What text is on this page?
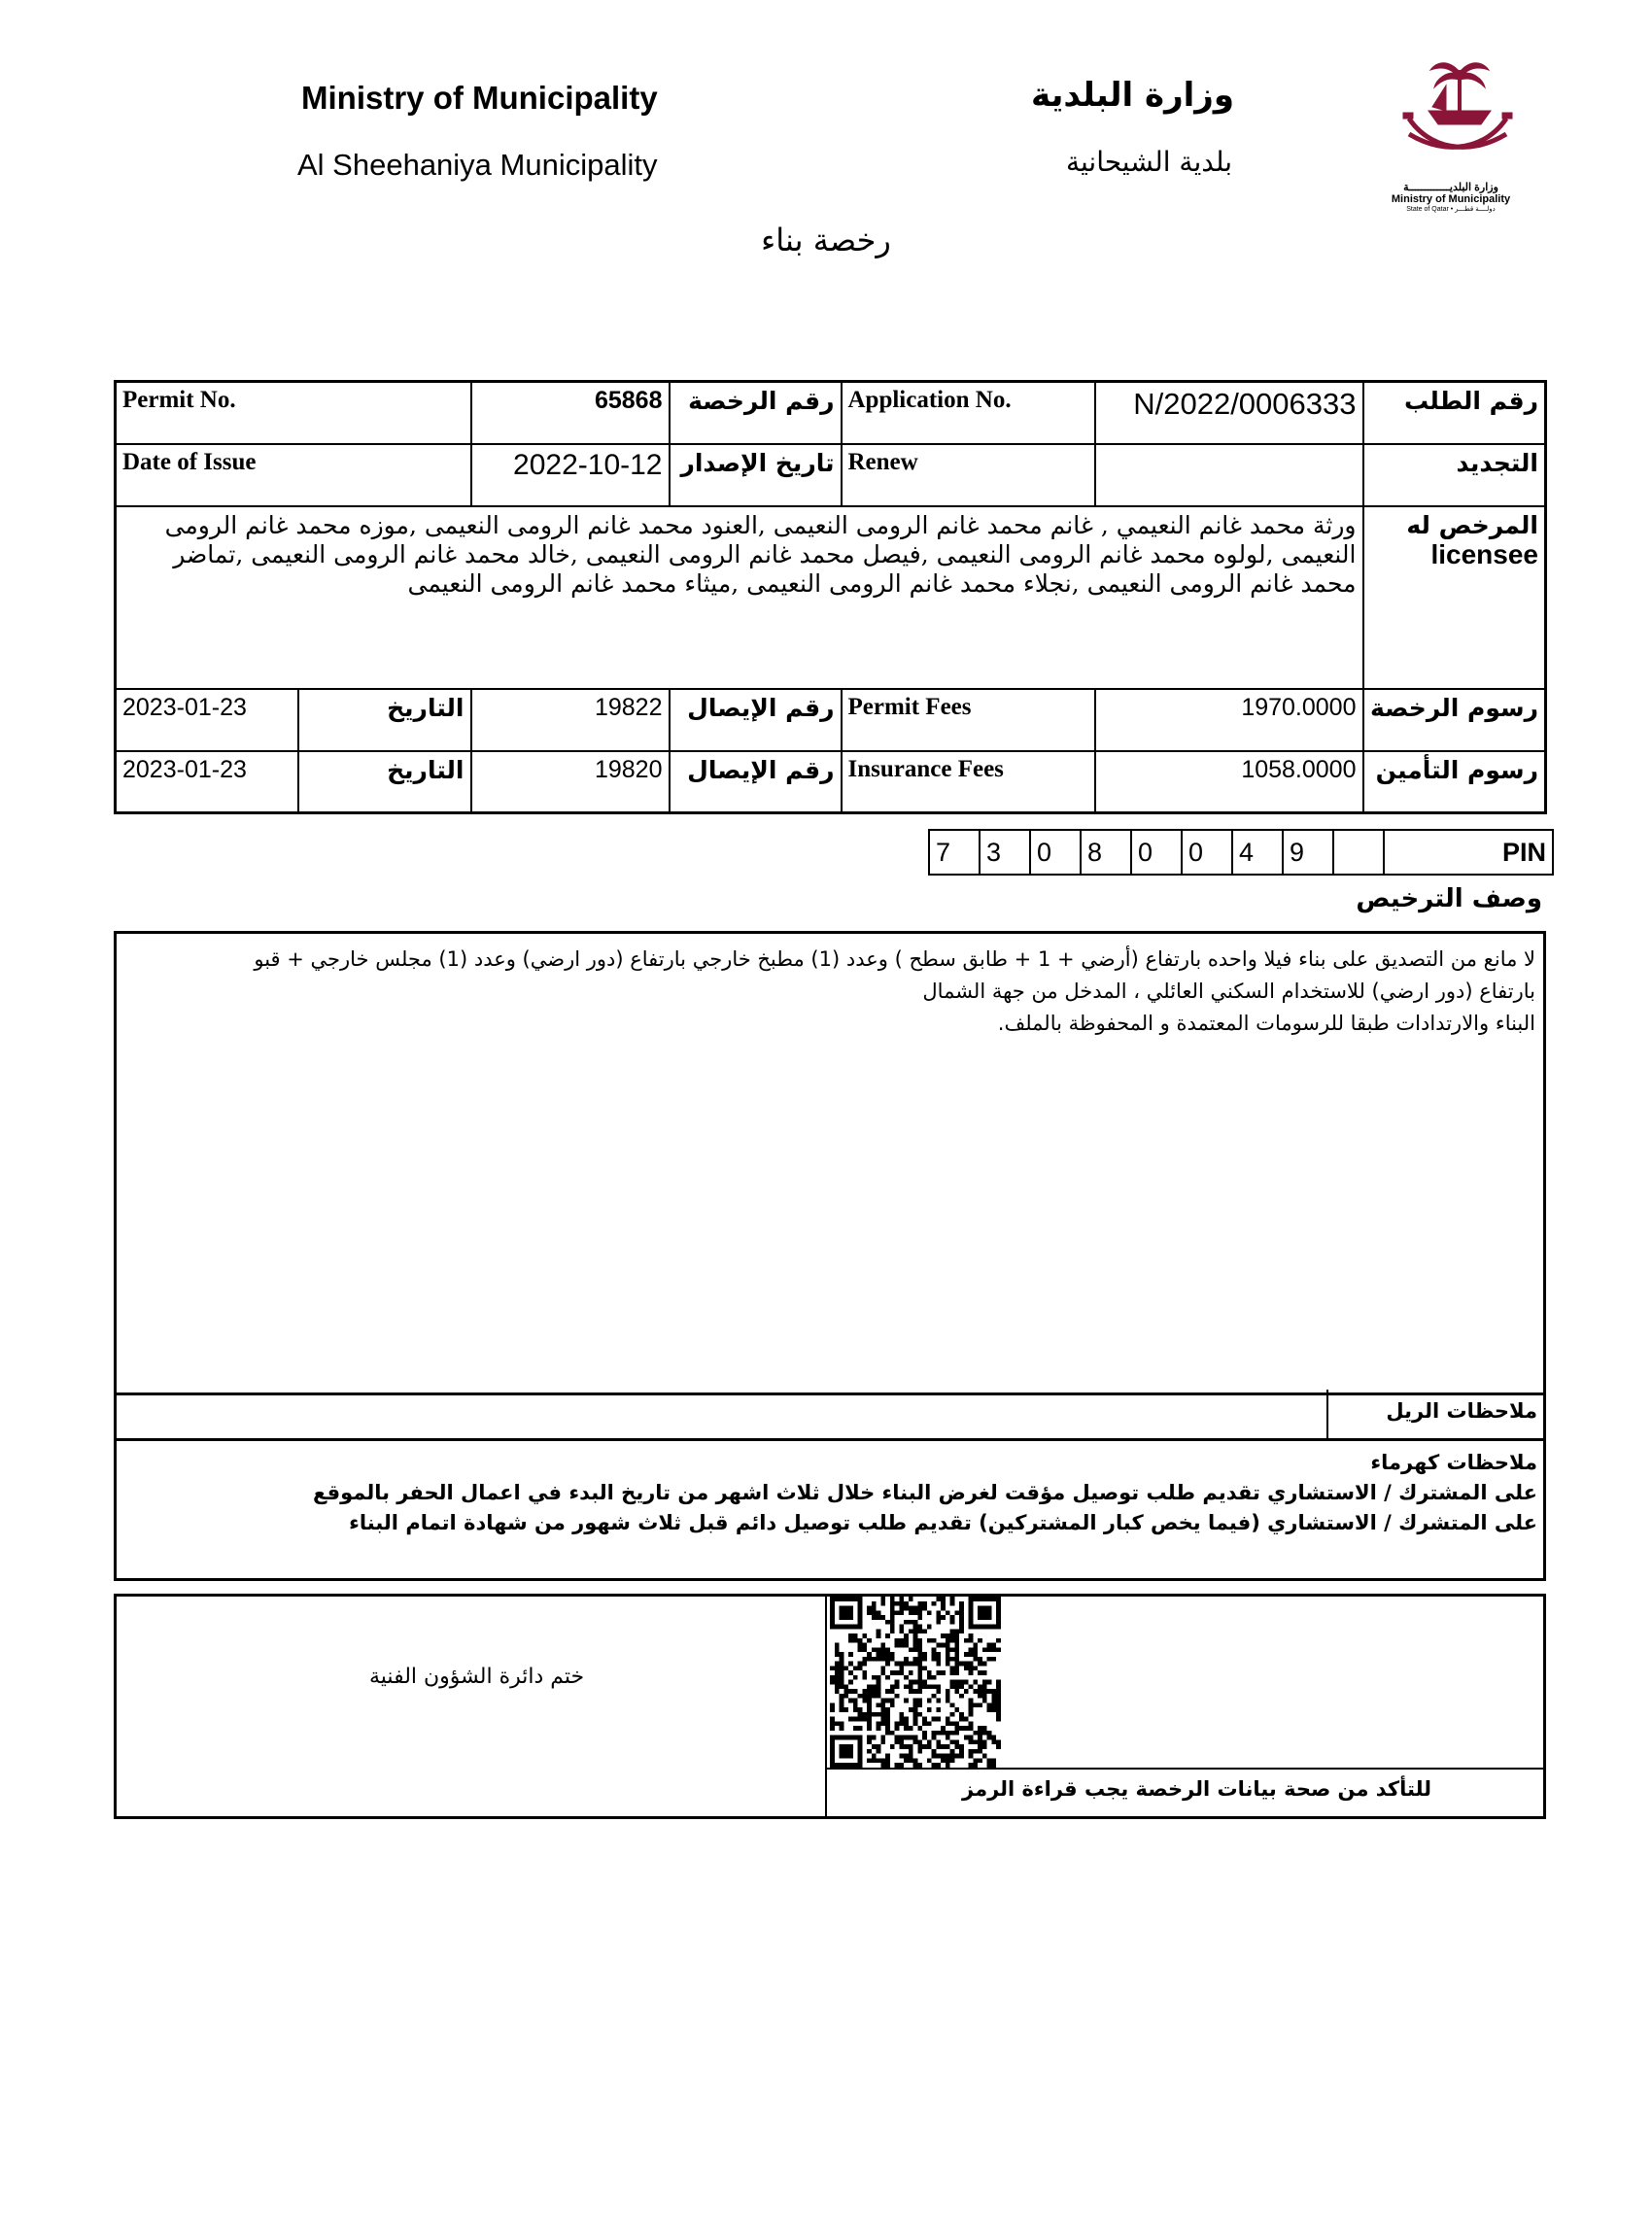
Ministry of Municipality
Al Sheehaniya Municipality
وزارة البلدية
بلدية الشيحانية
وزارة البلديـــــــــــــة
Ministry of Municipality
State of Qatar • دولــــة قطـــر
رخصة بناء
Permit No.		65868	رقم الرخصة	Application No.	N/2022/0006333	رقم الطلب
Date of Issue		2022-10-12	تاريخ الإصدار	Renew		التجديد
ورثة محمد غانم النعيمي , غانم محمد غانم الرومى النعيمى ,العنود محمد غانم الرومى النعيمى ,موزه محمد غانم الرومى النعيمى ,لولوه محمد غانم الرومى النعيمى ,فيصل محمد غانم الرومى النعيمى ,خالد محمد غانم الرومى النعيمى ,تماضر محمد غانم الرومى النعيمى ,نجلاء محمد غانم الرومى النعيمى ,ميثاء محمد غانم الرومى النعيمى						المرخص له
licensee

2023-01-23	التاريخ	19822	رقم الإيصال	Permit Fees	1970.0000	رسوم الرخصة
2023-01-23	التاريخ	19820	رقم الإيصال	Insurance Fees	1058.0000	رسوم التأمين
7	3	0	8	0	0	4	9		PIN
وصف الترخيص
لا مانع من التصديق على بناء فيلا واحده بارتفاع (أرضي + 1 + طابق سطح ) وعدد (1) مطبخ خارجي بارتفاع (دور ارضي) وعدد (1) مجلس خارجي + قبو
بارتفاع (دور ارضي) للاستخدام السكني العائلي ، المدخل من جهة الشمال
البناء والارتدادات طبقا للرسومات المعتمدة و المحفوظة بالملف.
ملاحظات الريل
ملاحظات كهرماء
على المشترك / الاستشاري تقديم طلب توصيل مؤقت لغرض البناء خلال ثلاث اشهر من تاريخ البدء في اعمال الحفر بالموقع
على المتشرك / الاستشاري (فيما يخص كبار المشتركين) تقديم طلب توصيل دائم قبل ثلاث شهور من شهادة اتمام البناء
ختم دائرة الشؤون الفنية
للتأكد من صحة بيانات الرخصة يجب قراءة الرمز
